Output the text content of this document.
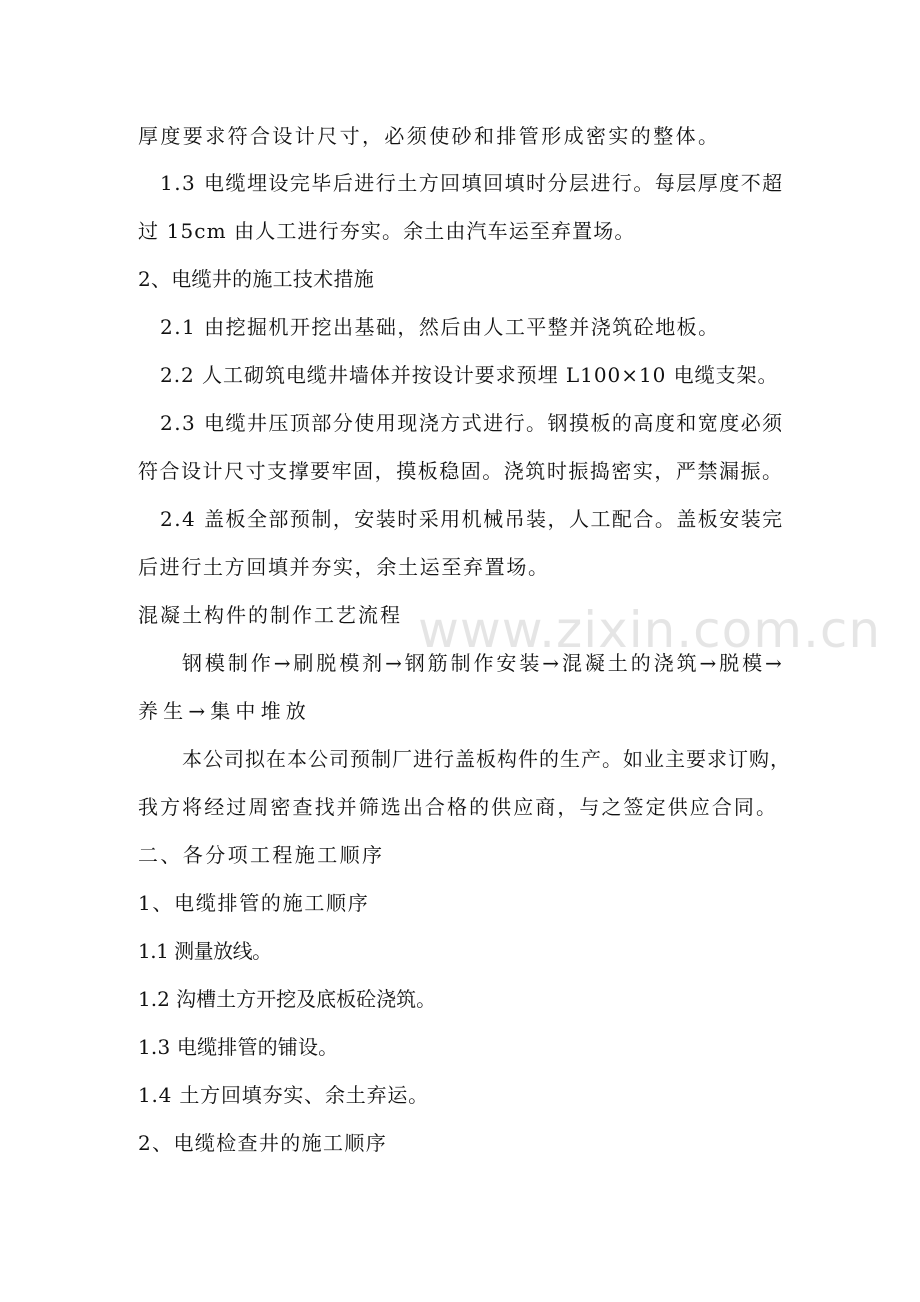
厚度要求符合设计尺寸，必须使砂和排管形成密实的整体。
1.3 电缆埋设完毕后进行土方回填回填时分层进行。每层厚度不超
过 15cm 由人工进行夯实。余土由汽车运至弃置场。
2、电缆井的施工技术措施
2.1 由挖掘机开挖出基础，然后由人工平整并浇筑砼地板。
2.2 人工砌筑电缆井墙体并按设计要求预埋 L100×10 电缆支架。
2.3 电缆井压顶部分使用现浇方式进行。钢摸板的高度和宽度必须
符合设计尺寸支撑要牢固，摸板稳固。浇筑时振捣密实，严禁漏振。
2.4 盖板全部预制，安装时采用机械吊装，人工配合。盖板安装完
后进行土方回填并夯实，余土运至弃置场。
混凝土构件的制作工艺流程
钢模制作→刷脱模剂→钢筋制作安装→混凝土的浇筑→脱模→
养生→集中堆放
本公司拟在本公司预制厂进行盖板构件的生产。如业主要求订购，
我方将经过周密查找并筛选出合格的供应商，与之签定供应合同。
二、各分项工程施工顺序
1、电缆排管的施工顺序
1.1 测量放线。
1.2 沟槽土方开挖及底板砼浇筑。
1.3 电缆排管的铺设。
1.4 土方回填夯实、余土弃运。
2、电缆检查井的施工顺序
www.zixin.com.cn
